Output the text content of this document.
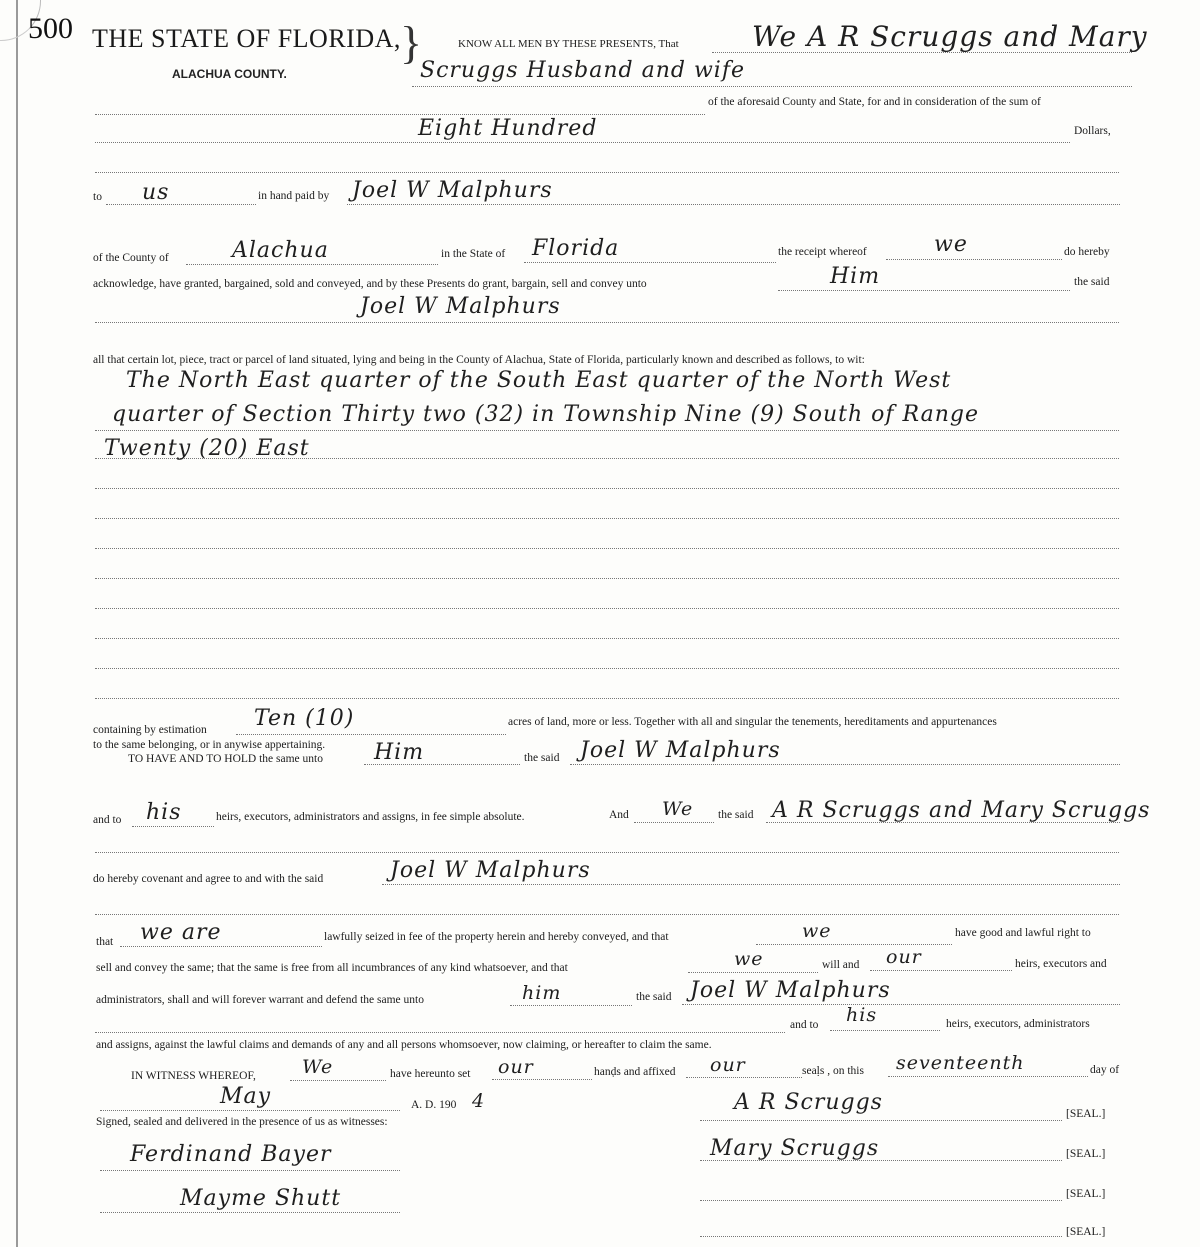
500 THE STATE OF FLORIDA, }
ALACHUA COUNTY.
KNOW ALL MEN BY THESE PRESENTS, That	We A R Scruggs and Mary
Scruggs Husband and wife
of the aforesaid County and State, for and in consideration of the sum of
Eight Hundred	Dollars,
to us	in hand paid by Joel W Malphurs
of the County of	Alachua	in the State of Florida	the receipt whereof	we	do hereby
acknowledge, have granted, bargained, sold and conveyed, and by these Presents do grant, bargain, sell and convey unto	Him	the said
Joel W Malphurs
all that certain lot, piece, tract or parcel of land situated, lying and being in the County of Alachua, State of Florida, particularly known and described as follows, to wit:
The North East quarter of the South East quarter of the North West
quarter of Section Thirty two (32) in Township Nine (9) South of Range
Twenty (20) East
containing by estimation Ten (10)	acres of land, more or less. Together with all and singular the tenements, hereditaments and appurtenances
to the same belonging, or in anywise appertaining.
TO HAVE AND TO HOLD the same unto Him	the said Joel W Malphurs
and to his	heirs, executors, administrators and assigns, in fee simple absolute.	And We the said A R Scruggs and Mary Scruggs
do hereby covenant and agree to and with the said	Joel W Malphurs
that we are	lawfully seized in fee of the property herein and hereby conveyed, and that	we	have good and lawful right to
sell and convey the same; that the same is free from all incumbrances of any kind whatsoever, and that	we	will and our	heirs, executors and
administrators, shall and will forever warrant and defend the same unto	him	the said Joel W Malphurs
and to his	heirs, executors, administrators
and assigns, against the lawful claims and demands of any and all persons whomsoever, now claiming, or hereafter to claim the same.
IN WITNESS WHEREOF, We	have hereunto set our	hanḍs and affixed our	seaḷs , on this seventeenth	day of
May	A. D. 190 4
Signed, sealed and delivered in the presence of us as witnesses:
A R Scruggs	[SEAL.]
Mary Scruggs	[SEAL.]
[SEAL.]
[SEAL.]
Ferdinand Bayer
Mayme Shutt
